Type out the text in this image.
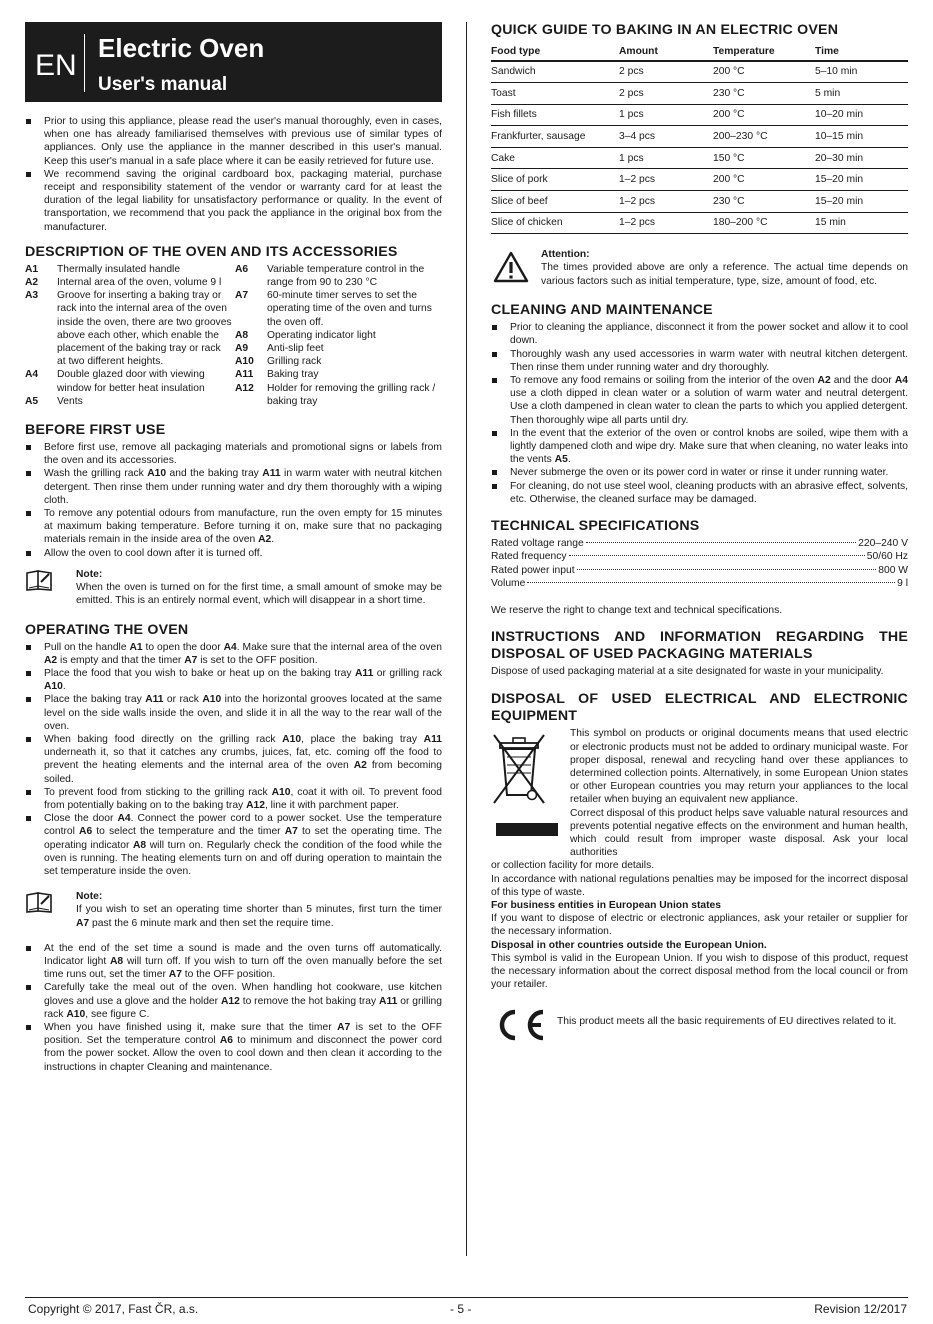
EN
Electric Oven
User's manual
Prior to using this appliance, please read the user's manual thoroughly, even in cases, when one has already familiarised themselves with previous use of similar types of appliances. Only use the appliance in the manner described in this user's manual. Keep this user's manual in a safe place where it can be easily retrieved for future use.
We recommend saving the original cardboard box, packaging material, purchase receipt and responsibility statement of the vendor or warranty card for at least the duration of the legal liability for unsatisfactory performance or quality. In the event of transportation, we recommend that you pack the appliance in the original box from the manufacturer.
DESCRIPTION OF THE OVEN AND ITS ACCESSORIES
A1	Thermally insulated handle
A2	Internal area of the oven, volume 9 l
A3	Groove for inserting a baking tray or rack into the internal area of the oven inside the oven, there are two grooves above each other, which enable the placement of the baking tray or rack at two different heights.
A4	Double glazed door with viewing window for better heat insulation
A5	Vents
A6	Variable temperature control in the range from 90 to 230 °C
A7	60-minute timer serves to set the operating time of the oven and turns the oven off.
A8	Operating indicator light
A9	Anti-slip feet
A10	Grilling rack
A11	Baking tray
A12	Holder for removing the grilling rack / baking tray
BEFORE FIRST USE
Before first use, remove all packaging materials and promotional signs or labels from the oven and its accessories.
Wash the grilling rack A10 and the baking tray A11 in warm water with neutral kitchen detergent. Then rinse them under running water and dry them thoroughly with a wiping cloth.
To remove any potential odours from manufacture, run the oven empty for 15 minutes at maximum baking temperature. Before turning it on, make sure that no packaging materials remain in the inside area of the oven A2.
Allow the oven to cool down after it is turned off.
Note:

When the oven is turned on for the first time, a small amount of smoke may be emitted. This is an entirely normal event, which will disappear in a short time.

OPERATING THE OVEN
Pull on the handle A1 to open the door A4. Make sure that the internal area of the oven A2 is empty and that the timer A7 is set to the OFF position.
Place the food that you wish to bake or heat up on the baking tray A11 or grilling rack A10.
Place the baking tray A11 or rack A10 into the horizontal grooves located at the same level on the side walls inside the oven, and slide it in all the way to the rear wall of the oven.
When baking food directly on the grilling rack A10, place the baking tray A11 underneath it, so that it catches any crumbs, juices, fat, etc. coming off the food to prevent the heating elements and the internal area of the oven A2 from becoming soiled.
To prevent food from sticking to the grilling rack A10, coat it with oil. To prevent food from potentially baking on to the baking tray A12, line it with parchment paper.
Close the door A4. Connect the power cord to a power socket. Use the temperature control A6 to select the temperature and the timer A7 to set the operating time. The operating indicator A8 will turn on. Regularly check the condition of the food while the oven is running. The heating elements turn on and off during operation to maintain the set temperature inside the oven.
Note:

If you wish to set an operating time shorter than 5 minutes, first turn the timer A7 past the 6 minute mark and then set the require time.

At the end of the set time a sound is made and the oven turns off automatically. Indicator light A8 will turn off. If you wish to turn off the oven manually before the set time runs out, set the timer A7 to the OFF position.
Carefully take the meal out of the oven. When handling hot cookware, use kitchen gloves and use a glove and the holder A12 to remove the hot baking tray A11 or grilling rack A10, see figure C.
When you have finished using it, make sure that the timer A7 is set to the OFF position. Set the temperature control A6 to minimum and disconnect the power cord from the power socket. Allow the oven to cool down and then clean it according to the instructions in chapter Cleaning and maintenance.
QUICK GUIDE TO BAKING IN AN ELECTRIC OVEN
Food type	Amount	Temperature	Time
Sandwich	2 pcs	200 °C	5–10 min
Toast	2 pcs	230 °C	5 min
Fish fillets	1 pcs	200 °C	10–20 min
Frankfurter, sausage	3–4 pcs	200–230 °C	10–15 min
Cake	1 pcs	150 °C	20–30 min
Slice of pork	1–2 pcs	200 °C	15–20 min
Slice of beef	1–2 pcs	230 °C	15–20 min
Slice of chicken	1–2 pcs	180–200 °C	15 min
Attention:

The times provided above are only a reference. The actual time depends on various factors such as initial temperature, type, size, amount of food, etc.

CLEANING AND MAINTENANCE
Prior to cleaning the appliance, disconnect it from the power socket and allow it to cool down.
Thoroughly wash any used accessories in warm water with neutral kitchen detergent. Then rinse them under running water and dry thoroughly.
To remove any food remains or soiling from the interior of the oven A2 and the door A4 use a cloth dipped in clean water or a solution of warm water and neutral detergent. Use a cloth dampened in clean water to clean the parts to which you applied detergent. Then thoroughly wipe all parts until dry.
In the event that the exterior of the oven or control knobs are soiled, wipe them with a lightly dampened cloth and wipe dry. Make sure that when cleaning, no water leaks into the vents A5.
Never submerge the oven or its power cord in water or rinse it under running water.
For cleaning, do not use steel wool, cleaning products with an abrasive effect, solvents, etc. Otherwise, the cleaned surface may be damaged.
TECHNICAL SPECIFICATIONS
Rated voltage range	220–240 V
Rated frequency	50/60 Hz
Rated power input	800 W
Volume	9 l

We reserve the right to change text and technical specifications.

INSTRUCTIONS AND INFORMATION REGARDING THE DISPOSAL OF USED PACKAGING MATERIALS

Dispose of used packaging material at a site designated for waste in your municipality.

DISPOSAL OF USED ELECTRICAL AND ELECTRONIC EQUIPMENT

This symbol on products or original documents means that used electric or electronic products must not be added to ordinary municipal waste. For proper disposal, renewal and recycling hand over these appliances to determined collection points. Alternatively, in some European Union states or other European countries you may return your appliances to the local retailer when buying an equivalent new appliance.

Correct disposal of this product helps save valuable natural resources and prevents potential negative effects on the environment and human health, which could result from improper waste disposal. Ask your local authorities

or collection facility for more details.

In accordance with national regulations penalties may be imposed for the incorrect disposal of this type of waste.

For business entities in European Union states

If you want to dispose of electric or electronic appliances, ask your retailer or supplier for the necessary information.

Disposal in other countries outside the European Union.

This symbol is valid in the European Union. If you wish to dispose of this product, request the necessary information about the correct disposal method from the local council or from your retailer.

This product meets all the basic requirements of EU directives related to it.
Copyright © 2017, Fast ČR, a.s.	- 5 -	Revision 12/2017
